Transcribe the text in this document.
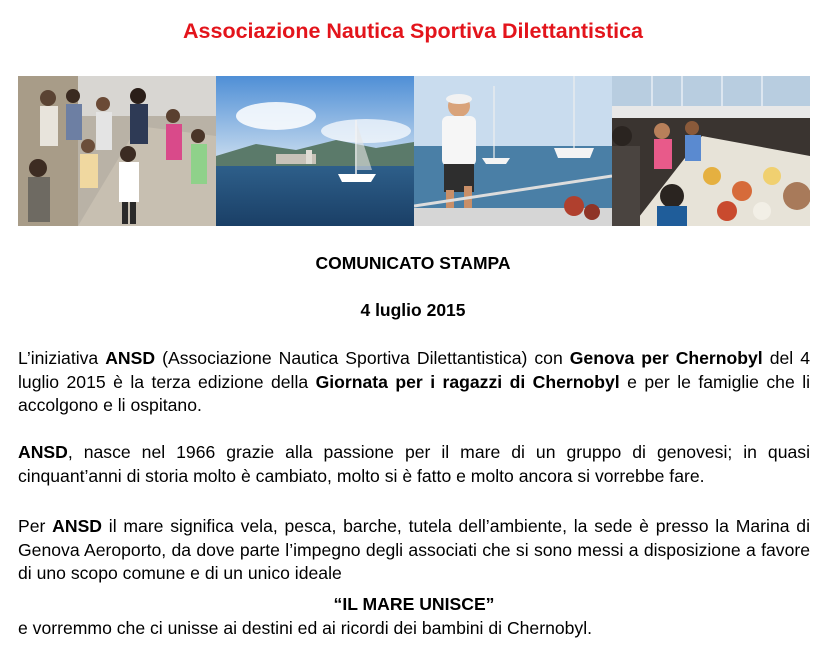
Associazione Nautica Sportiva Dilettantistica
COMUNICATO STAMPA
4 luglio 2015
L’iniziativa ANSD (Associazione Nautica Sportiva Dilettantistica) con Genova per Chernobyl del 4 luglio 2015 è la terza edizione della Giornata per i ragazzi di Chernobyl e per le famiglie che li accolgono e li ospitano.
ANSD, nasce nel 1966 grazie alla passione per il mare di un gruppo di genovesi; in quasi cinquant’anni di storia molto è cambiato, molto si è fatto e molto ancora si vorrebbe fare.
Per ANSD il mare significa vela, pesca, barche, tutela dell’ambiente, la sede è presso la Marina di Genova Aeroporto, da dove parte l’impegno degli associati che si sono messi a disposizione a favore di uno scopo comune e di un unico ideale
“IL MARE UNISCE”
e vorremmo che ci unisse ai destini ed ai ricordi dei bambini di Chernobyl.
